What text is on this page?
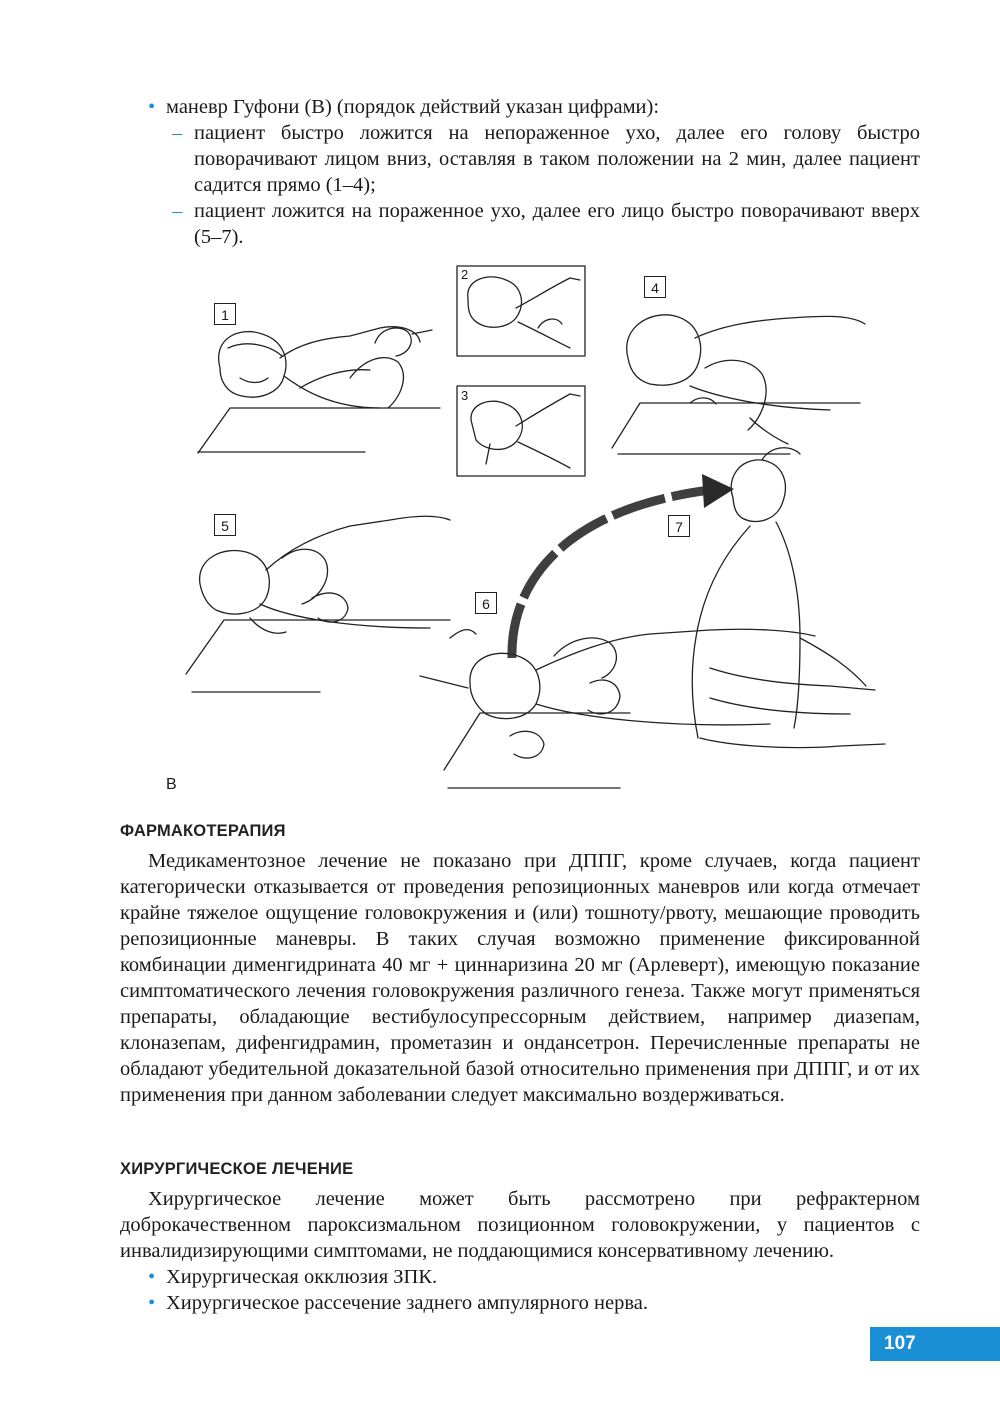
• маневр Гуфони (В) (порядок действий указан цифрами):
– пациент быстро ложится на непораженное ухо, далее его голову быстро поворачивают лицом вниз, оставляя в таком положении на 2 мин, далее пациент садится прямо (1–4);
– пациент ложится на пораженное ухо, далее его лицо быстро поворачивают вверх (5–7).
1
2
3
4
5
6
7
В
ФАРМАКОТЕРАПИЯ
Медикаментозное лечение не показано при ДППГ, кроме случаев, когда пациент категорически отказывается от проведения репозиционных маневров или когда отмечает крайне тяжелое ощущение головокружения и (или) тошноту/рвоту, мешающие проводить репозиционные маневры. В таких случая возможно применение фиксированной комбинации дименгидрината 40 мг + циннаризина 20 мг (Арлеверт), имеющую показание симптоматического лечения головокружения различного генеза. Также могут применяться препараты, обладающие вестибулосупрессорным действием, например диазепам, клоназепам, дифенгидрамин, прометазин и ондансетрон. Перечисленные препараты не обладают убедительной доказательной базой относительно применения при ДППГ, и от их применения при данном заболевании следует максимально воздерживаться.
ХИРУРГИЧЕСКОЕ ЛЕЧЕНИЕ
Хирургическое лечение может быть рассмотрено при рефрактерном доброкачественном пароксизмальном позиционном головокружении, у пациентов с инвалидизирующими симптомами, не поддающимися консервативному лечению.
• Хирургическая окклюзия ЗПК.
• Хирургическое рассечение заднего ампулярного нерва.
107
